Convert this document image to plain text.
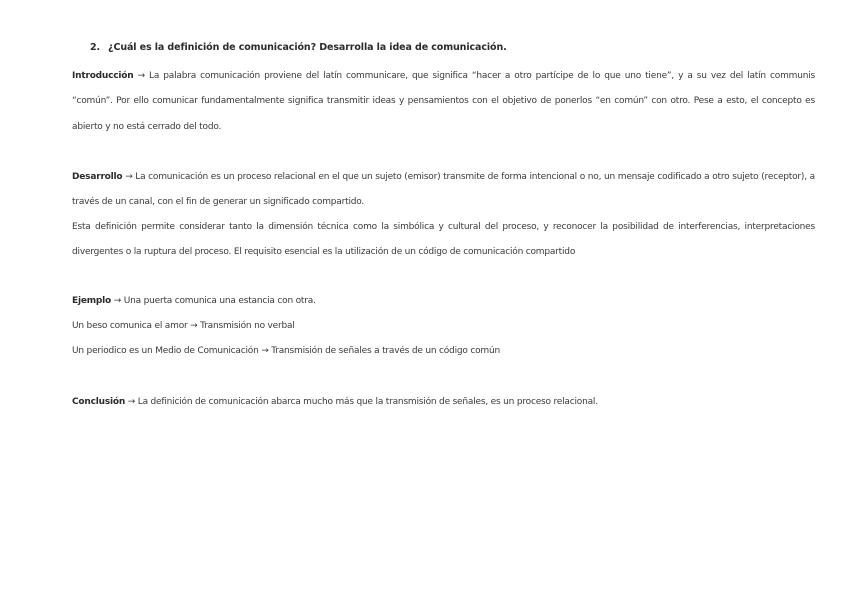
2. ¿Cuál es la definición de comunicación? Desarrolla la idea de comunicación.
Introducción → La palabra comunicación proviene del latín communicare, que significa “hacer a otro partícipe de lo que uno tiene”, y a su vez del latín communis “común”. Por ello comunicar fundamentalmente significa transmitir ideas y pensamientos con el objetivo de ponerlos “en común” con otro. Pese a esto, el concepto es abierto y no está cerrado del todo.
Desarrollo → La comunicación es un proceso relacional en el que un sujeto (emisor) transmite de forma intencional o no, un mensaje codificado a otro sujeto (receptor), a través de un canal, con el fin de generar un significado compartido.
Esta definición permite considerar tanto la dimensión técnica como la simbólica y cultural del proceso, y reconocer la posibilidad de interferencias, interpretaciones divergentes o la ruptura del proceso. El requisito esencial es la utilización de un código de comunicación compartido
Ejemplo → Una puerta comunica una estancia con otra.
Un beso comunica el amor → Transmisión no verbal
Un periodico es un Medio de Comunicación → Transmisión de señales a través de un código común
Conclusión → La definición de comunicación abarca mucho más que la transmisión de señales, es un proceso relacional.
